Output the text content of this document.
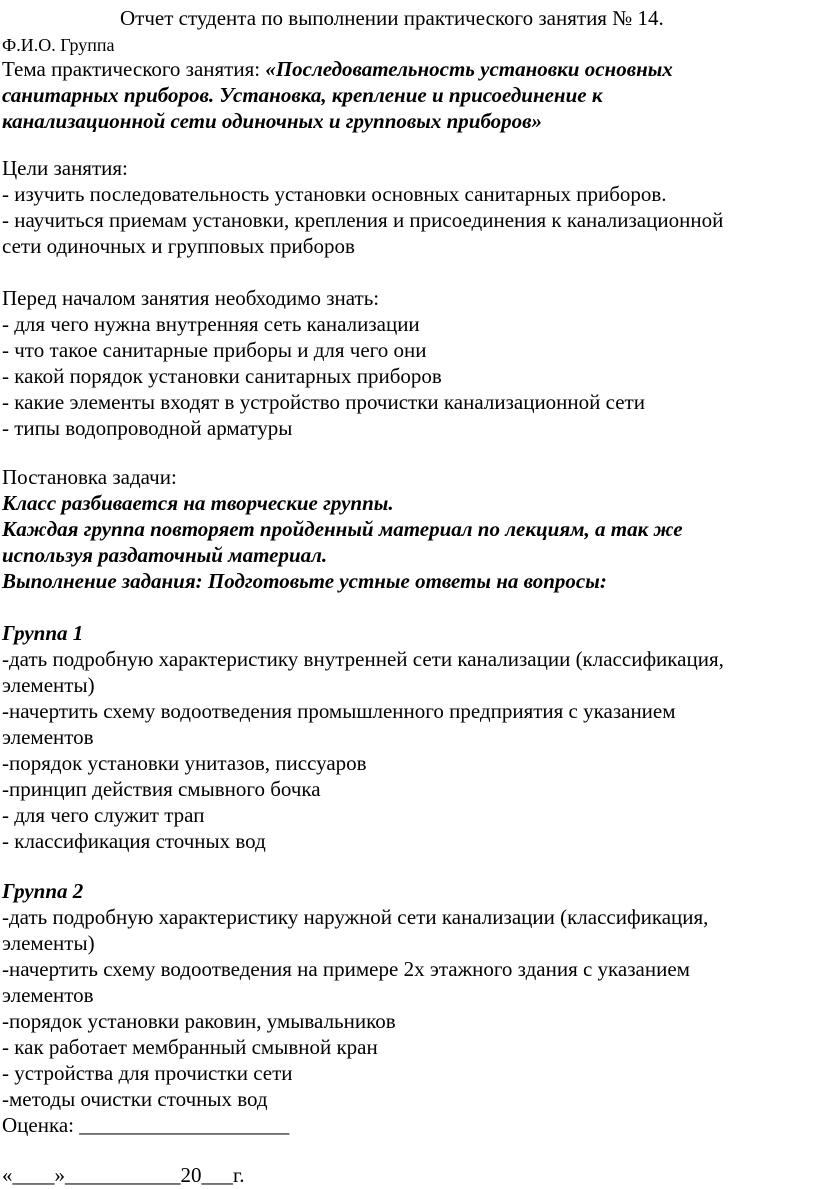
Отчет студента по выполнении практического занятия № 14.
Ф.И.О. Группа
Тема практического занятия: «Последовательность установки основных
санитарных приборов. Установка, крепление и присоединение к
канализационной сети одиночных и групповых приборов»
Цели занятия:
- изучить последовательность установки основных санитарных приборов.
- научиться приемам установки, крепления и присоединения к канализационной
сети одиночных и групповых приборов
Перед началом занятия необходимо знать:
- для чего нужна внутренняя сеть канализации
- что такое санитарные приборы и для чего они
- какой порядок установки санитарных приборов
- какие элементы входят в устройство прочистки канализационной сети
- типы водопроводной арматуры
Постановка задачи:
Класс разбивается на творческие группы.
Каждая группа повторяет пройденный материал по лекциям, а так же
используя раздаточный материал.
Выполнение задания: Подготовьте устные ответы на вопросы:
Группа 1
-дать подробную характеристику внутренней сети канализации (классификация,
элементы)
-начертить схему водоотведения промышленного предприятия с указанием
элементов
-порядок установки унитазов, писсуаров
-принцип действия смывного бочка
- для чего служит трап
- классификация сточных вод
Группа 2
-дать подробную характеристику наружной сети канализации (классификация,
элементы)
-начертить схему водоотведения на примере 2х этажного здания с указанием
элементов
-порядок установки раковин, умывальников
- как работает мембранный смывной кран
- устройства для прочистки сети
-методы очистки сточных вод
Оценка: ____________________
«____»___________20___г.
